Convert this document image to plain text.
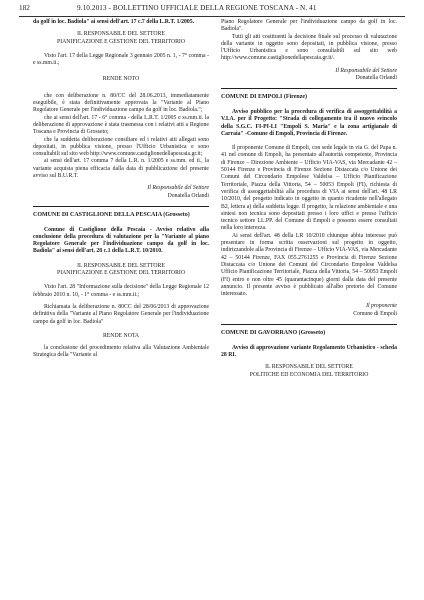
182	9.10.2013 - BOLLETTINO UFFICIALE DELLA REGIONE TOSCANA - N. 41

da golf in loc. Badiola" ai sensi dell'art. 17 c.7 della L.R.T. 1/2005.

IL RESPONSABILE DEL SETTORE

PIANIFICAZIONE E GESTIONE DEL TERRITORIO

Visto l'art. 17 della Legge Regionale 3 gennaio 2005 n. 1, - 7° comma - e ss.mm.ii.;

RENDE NOTO

che con deliberazione n. 80/CC del 28.06.2013, immediatamente eseguibile, è stata definitivamente approvata la "Variante al Piano Regolatore Generale per l'individuazione campo da golf in loc. Badiola.";

che ai sensi dell'art. 17 - 6° comma - della L.R.T. 1/2005 e ss.mm.ii. la deliberazione di approvazione è stata trasmessa con i relativi atti a Regione Toscana e Provincia di Grosseto;

che la suddetta deliberazione consiliare ed i relativi atti allegati sono depositati, in pubblica visione, presso l'Ufficio Urbanistica e sono consultabili sul sito web http://www.comune.castiglionedellapescaia.gr.it;

ai sensi dell'art. 17 comma 7 della L.R. n. 1/2005 e ss.mm. ed ii., la variante acquista piena efficacia dalla data di pubblicazione del presente avviso sul B.U.R.T.

Il Responsabile del Settore

Donatella Orlandi

COMUNE DI CASTIGLIONE DELLA PESCAIA (Grosseto)

Comune di Castiglione della Pescaia - Avviso relativo alla conclusione della procedura di valutazione per la "Variante al piano Regolatore Generale per l'individuazione campo da golf in loc. Badiola" ai sensi dell'art. 28 c.1 della L.R.T. 10/2010.

IL RESPONSABILE DEL SETTORE

PIANIFICAZIONE E GESTIONE DEL TERRITORIO

Visto l'art. 28 "Informazione sulla decisione" della Legge Regionale 12 febbraio 2010 n. 10, - 1° comma - e ss.mm.ii.;

Richiamata la deliberazione n. 80CC del 28/06/2013 di approvazione definitiva della "Variante al Piano Regolatore Generale per l'individuazione campo da golf in loc. Badiola"

RENDE NOTA

la conclusione del procedimento relativa alla Valutazione Ambientale Strategica della "Variante al

Piano Regolatore Generale per l'individuazione campo da golf in loc. Badiola".

Tutti gli atti costituenti la decisione finale sul processo di valutazione della variante in oggetto sono depositati, in pubblica visione, presso l'Ufficio Urbanistica e sono consultabili sul sito web http://www.comune.castiglionedellapescaia.gr.it/.

Il Responsabile del Settore

Donatella Orlandi

COMUNE DI EMPOLI (Firenze)

Avviso pubblico per la procedura di verifica di assoggettabilità a V.I.A. per il Progetto: "Strada di collegamento tra il nuovo svincolo della S.G.C. FI-PI-LI "Empoli S. Maria" e la zona artigianale di Carraia" -Comune di Empoli, Provincia di Firenze.

Il proponente Comune di Empoli, con sede legale in via G. del Papa n. 41 nel comune di Empoli, ha presentato all'autorità competente, Provincia di Firenze – Direzione Ambiente – Ufficio VIA-VAS, via Mercadante 42 – 50144 Firenze e Provincia di Firenze Sezione Distaccata c/o Unione dei Comuni del Circondario Empolese Valdelsa – Ufficio Pianificazione Territoriale, Piazza della Vittoria, 54 – 50053 Empoli (FI), richiesta di verifica di assoggettabilità alla procedura di VIA ai sensi dell'art. 48 LR 10/2010, del progetto indicato in oggetto in quanto ricadente nell'allegato B2, lettera a) della suddetta legge. Il progetto, la relazione ambientale e una sintesi non tecnica sono depositati presso i loro uffici e presso l'ufficio tecnico settore LL.PP. del Comune di Empoli e possono essere consultati nella loro interezza.

Ai sensi dell'art. 48 della LR 10/2010 chiunque abbia interesse può presentare in forma scritta osservazioni sul progetto in oggetto, indirizzandole alla Provincia di Firenze – Ufficio VIA-VAS, via Mercadante 42 – 50144 Firenze, FAX 055.2761255 e Provincia di Firenze Sezione Distaccata c/o Unione dei Comuni del Circondario Empolese Valdelsa Ufficio Pianificazione Territoriale, Piazza della Vittoria, 54 – 50053 Empoli (FI) entro e non oltre 45 (quarantacinque) giorni dalla data del presente annuncio. Il presente avviso è pubblicato all'albo pretorio del Comune interessato.

Il proponente

Comune di Empoli

COMUNE DI GAVORRANO (Grosseto)

Avviso di approvazione variante Regolamento Urbanistico - scheda 28 RI.

IL RESPONSABILE DEL SETTORE

POLITICHE ED ECONOMIA DEL TERRITORIO
